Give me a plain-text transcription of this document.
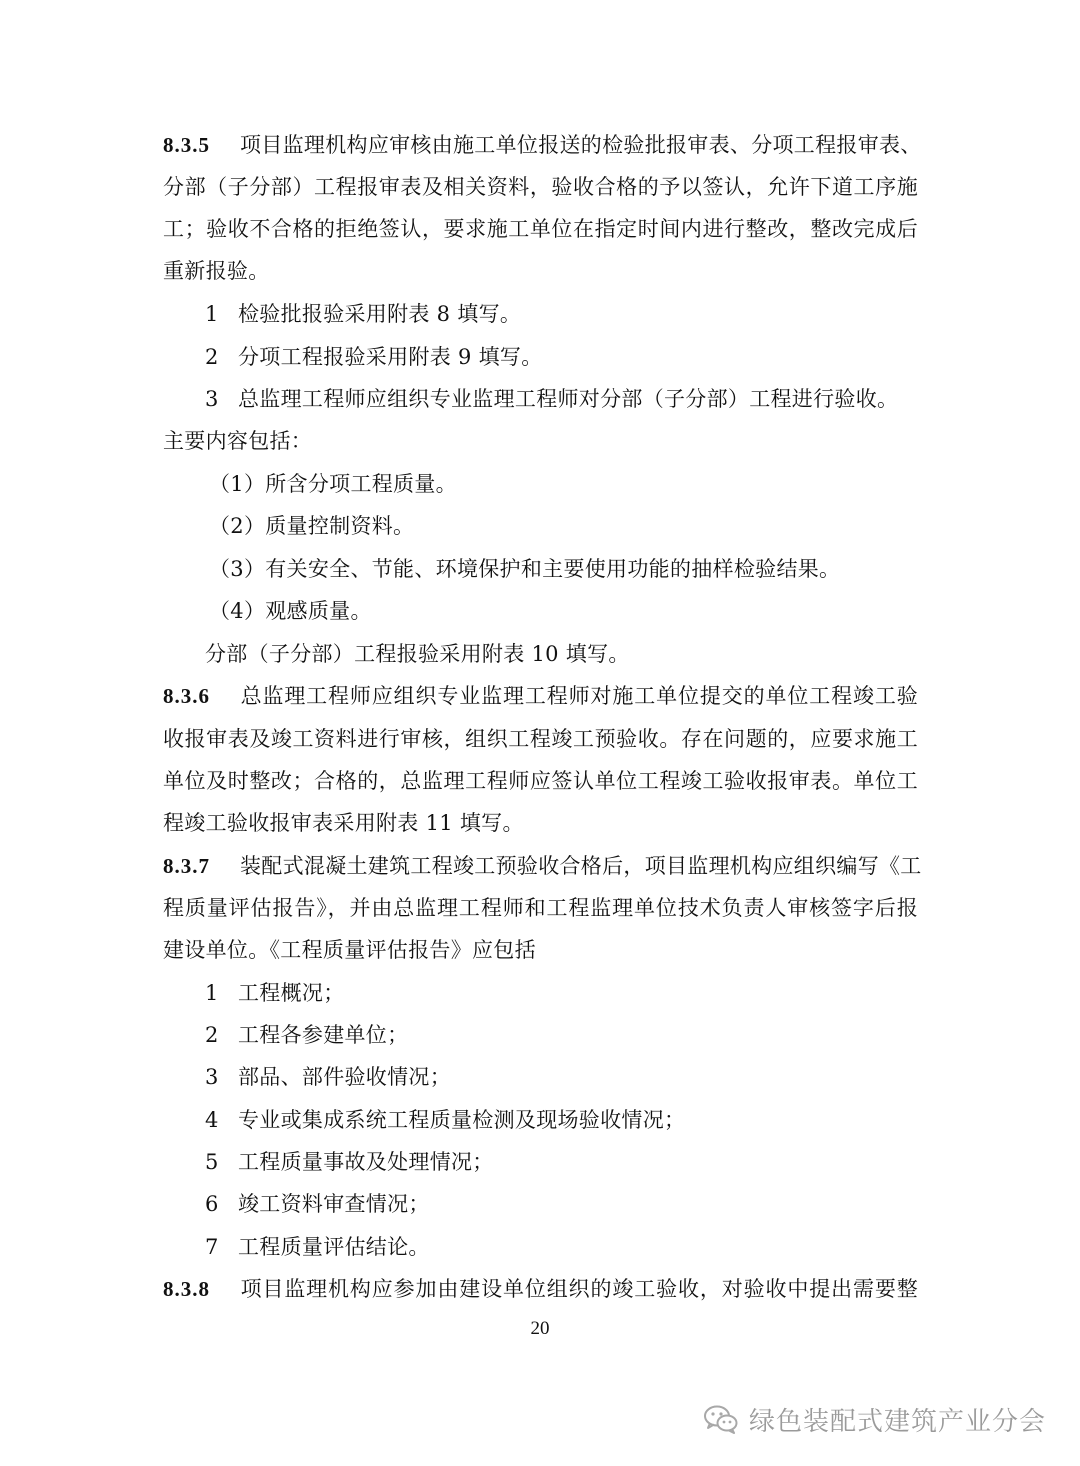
8.3.5 项目监理机构应审核由施工单位报送的检验批报审表、分项工程报审表、
分部（子分部）工程报审表及相关资料，验收合格的予以签认，允许下道工序施
工；验收不合格的拒绝签认，要求施工单位在指定时间内进行整改，整改完成后
重新报验。
1 检验批报验采用附表 8 填写。
2 分项工程报验采用附表 9 填写。
3 总监理工程师应组织专业监理工程师对分部（子分部）工程进行验收。
主要内容包括：
（1）所含分项工程质量。
（2）质量控制资料。
（3）有关安全、节能、环境保护和主要使用功能的抽样检验结果。
（4）观感质量。
分部（子分部）工程报验采用附表 10 填写。
8.3.6 总监理工程师应组织专业监理工程师对施工单位提交的单位工程竣工验
收报审表及竣工资料进行审核，组织工程竣工预验收。存在问题的，应要求施工
单位及时整改；合格的，总监理工程师应签认单位工程竣工验收报审表。单位工
程竣工验收报审表采用附表 11 填写。
8.3.7 装配式混凝土建筑工程竣工预验收合格后，项目监理机构应组织编写《工
程质量评估报告》，并由总监理工程师和工程监理单位技术负责人审核签字后报
建设单位。《工程质量评估报告》应包括
1 工程概况；
2 工程各参建单位；
3 部品、部件验收情况；
4 专业或集成系统工程质量检测及现场验收情况；
5 工程质量事故及处理情况；
6 竣工资料审查情况；
7 工程质量评估结论。
8.3.8 项目监理机构应参加由建设单位组织的竣工验收，对验收中提出需要整
20
绿色装配式建筑产业分会
